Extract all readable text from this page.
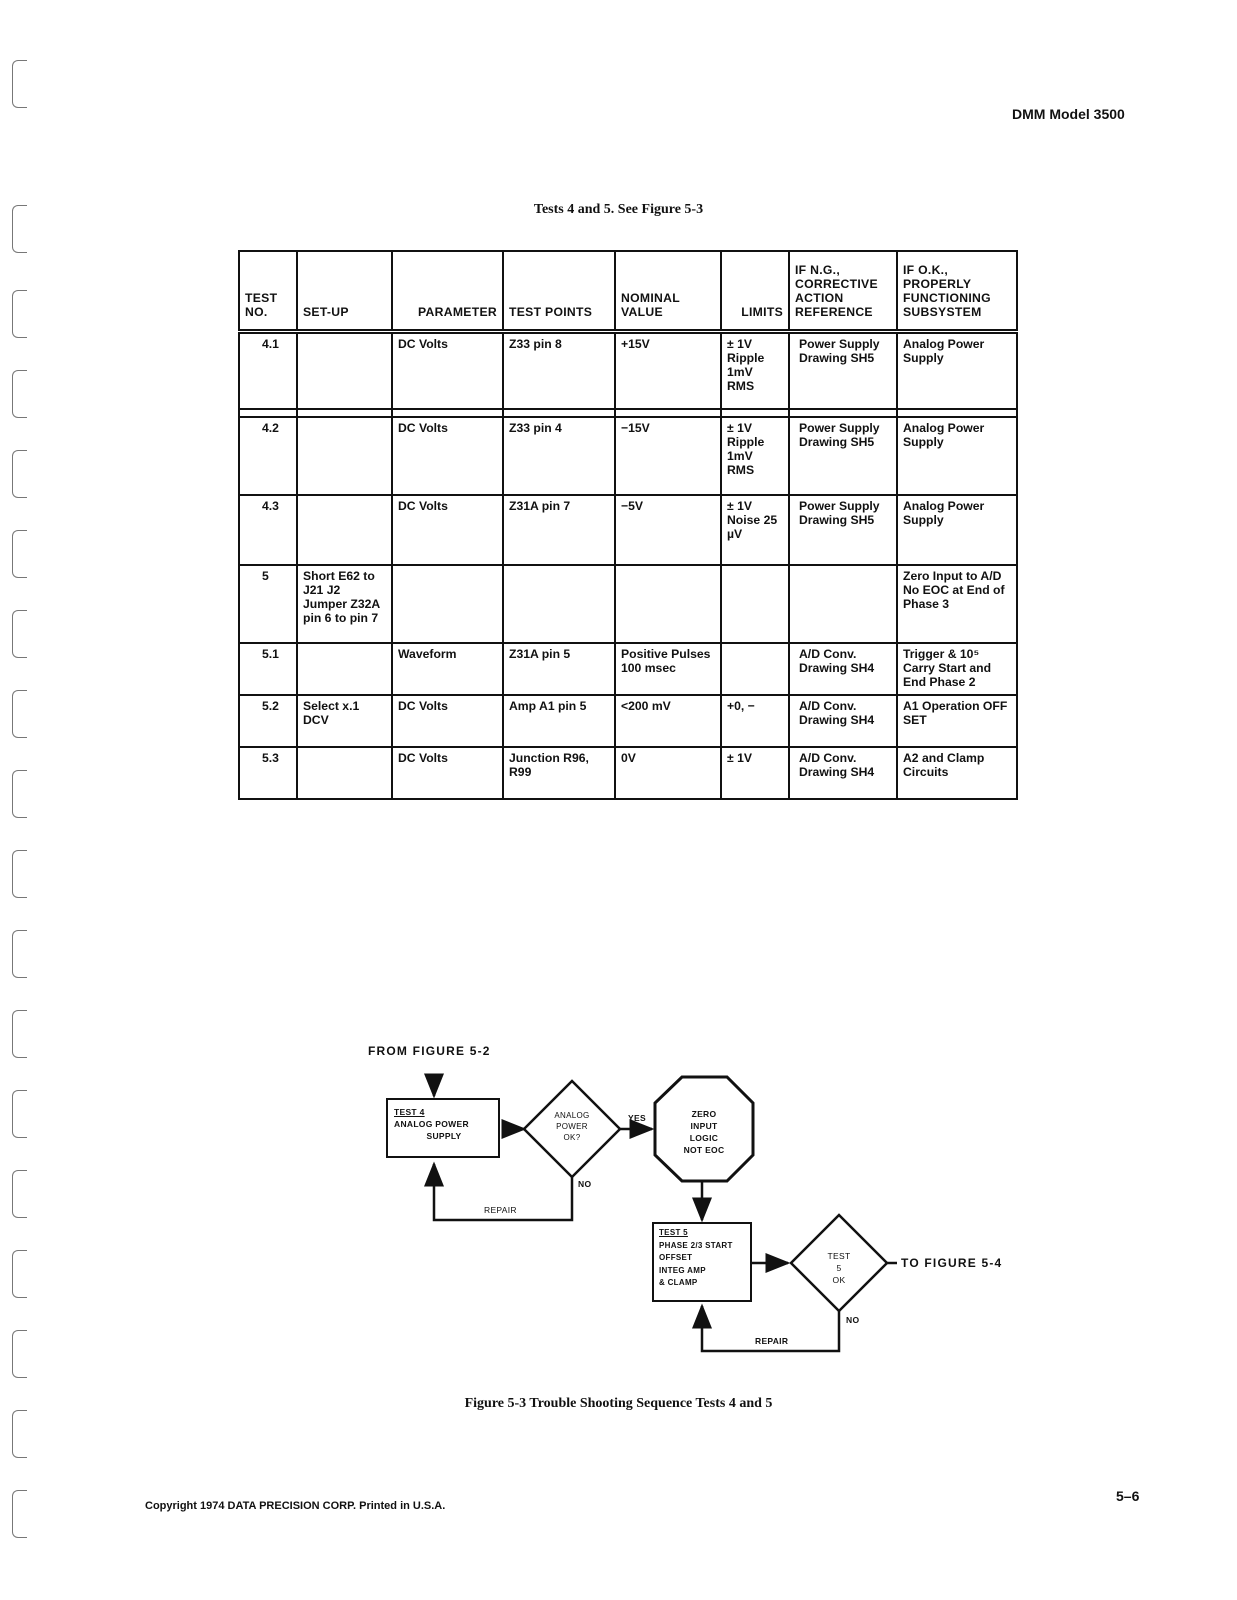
DMM Model 3500
Tests 4 and 5. See Figure 5-3
TEST NO.	SET-UP	PARAMETER	TEST POINTS	NOMINAL VALUE	LIMITS	IF N.G., CORRECTIVE ACTION REFERENCE	IF O.K., PROPERLY FUNCTIONING SUBSYSTEM
4.1		DC Volts	Z33 pin 8	+15V	± 1V Ripple 1mV RMS	Power Supply Drawing SH5	Analog Power Supply

4.2		DC Volts	Z33 pin 4	−15V	± 1V Ripple 1mV RMS	Power Supply Drawing SH5	Analog Power Supply
4.3		DC Volts	Z31A pin 7	−5V	± 1V Noise 25 µV	Power Supply Drawing SH5	Analog Power Supply
5	Short E62 to J21 J2 Jumper Z32A pin 6 to pin 7						Zero Input to A/D No EOC at End of Phase 3
5.1		Waveform	Z31A pin 5	Positive Pulses 100 msec		A/D Conv. Drawing SH4	Trigger & 10⁵ Carry Start and End Phase 2
5.2	Select x.1 DCV	DC Volts	Amp A1 pin 5	<200 mV	+0, −	A/D Conv. Drawing SH4	A1 Operation OFF SET
5.3		DC Volts	Junction R96, R99	0V	± 1V	A/D Conv. Drawing SH4	A2 and Clamp Circuits
FROM FIGURE 5-2
TEST 4
ANALOG POWER
SUPPLY
ANALOG
POWER
OK?
YES
NO
REPAIR
ZERO
INPUT
LOGIC
NOT EOC
TEST 5
PHASE 2/3 START
OFFSET
INTEG AMP
& CLAMP
TEST
5
OK
TO FIGURE 5-4
NO
REPAIR
Figure 5-3 Trouble Shooting Sequence Tests 4 and 5
Copyright 1974 DATA PRECISION CORP. Printed in U.S.A.
5–6
